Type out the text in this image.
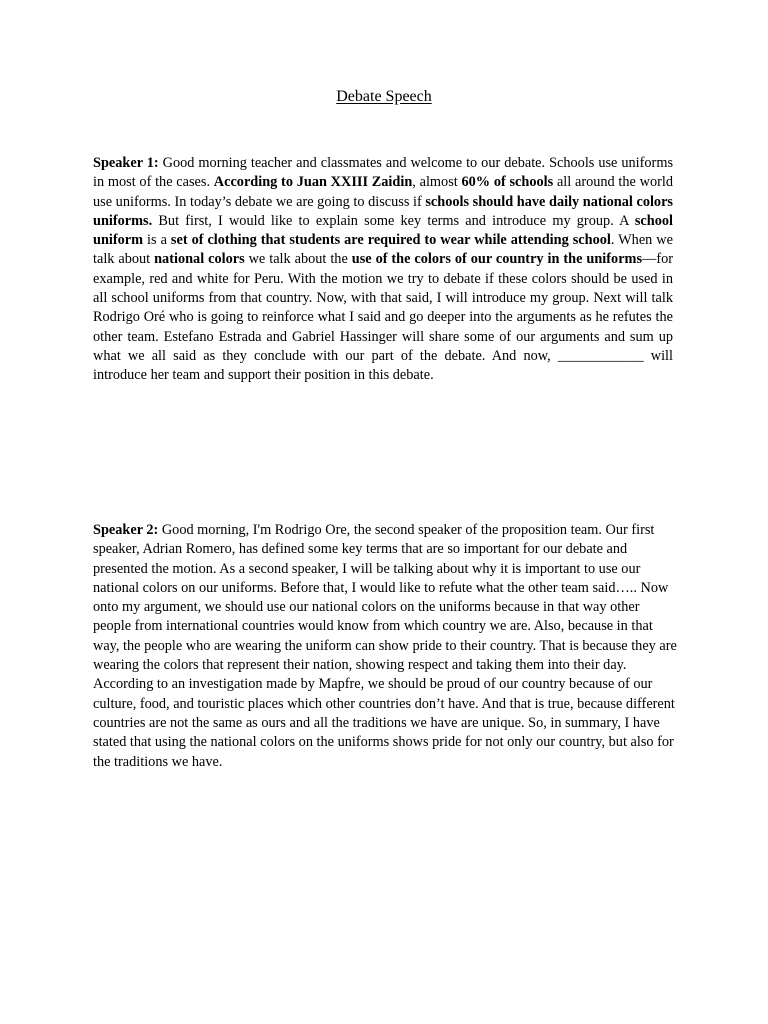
Debate Speech

Speaker 1: Good morning teacher and classmates and welcome to our debate. Schools use uniforms in most of the cases. According to Juan XXIII Zaidin, almost 60% of schools all around the world use uniforms. In today’s debate we are going to discuss if schools should have daily national colors uniforms. But first, I would like to explain some key terms and introduce my group. A school uniform is a set of clothing that students are required to wear while attending school. When we talk about national colors we talk about the use of the colors of our country in the uniforms—for example, red and white for Peru. With the motion we try to debate if these colors should be used in all school uniforms from that country. Now, with that said, I will introduce my group. Next will talk Rodrigo Oré who is going to reinforce what I said and go deeper into the arguments as he refutes the other team. Estefano Estrada and Gabriel Hassinger will share some of our arguments and sum up what we all said as they conclude with our part of the debate. And now, ____________ will introduce her team and support their position in this debate.

Speaker 2: Good morning, I'm Rodrigo Ore, the second speaker of the proposition team. Our first speaker, Adrian Romero, has defined some key terms that are so important for our debate and presented the motion. As a second speaker, I will be talking about why it is important to use our national colors on our uniforms. Before that, I would like to refute what the other team said….. Now onto my argument, we should use our national colors on the uniforms because in that way other people from international countries would know from which country we are. Also, because in that way, the people who are wearing the uniform can show pride to their country. That is because they are wearing the colors that represent their nation, showing respect and taking them into their day. According to an investigation made by Mapfre, we should be proud of our country because of our culture, food, and touristic places which other countries don’t have. And that is true, because different countries are not the same as ours and all the traditions we have are unique. So, in summary, I have stated that using the national colors on the uniforms shows pride for not only our country, but also for the traditions we have.
